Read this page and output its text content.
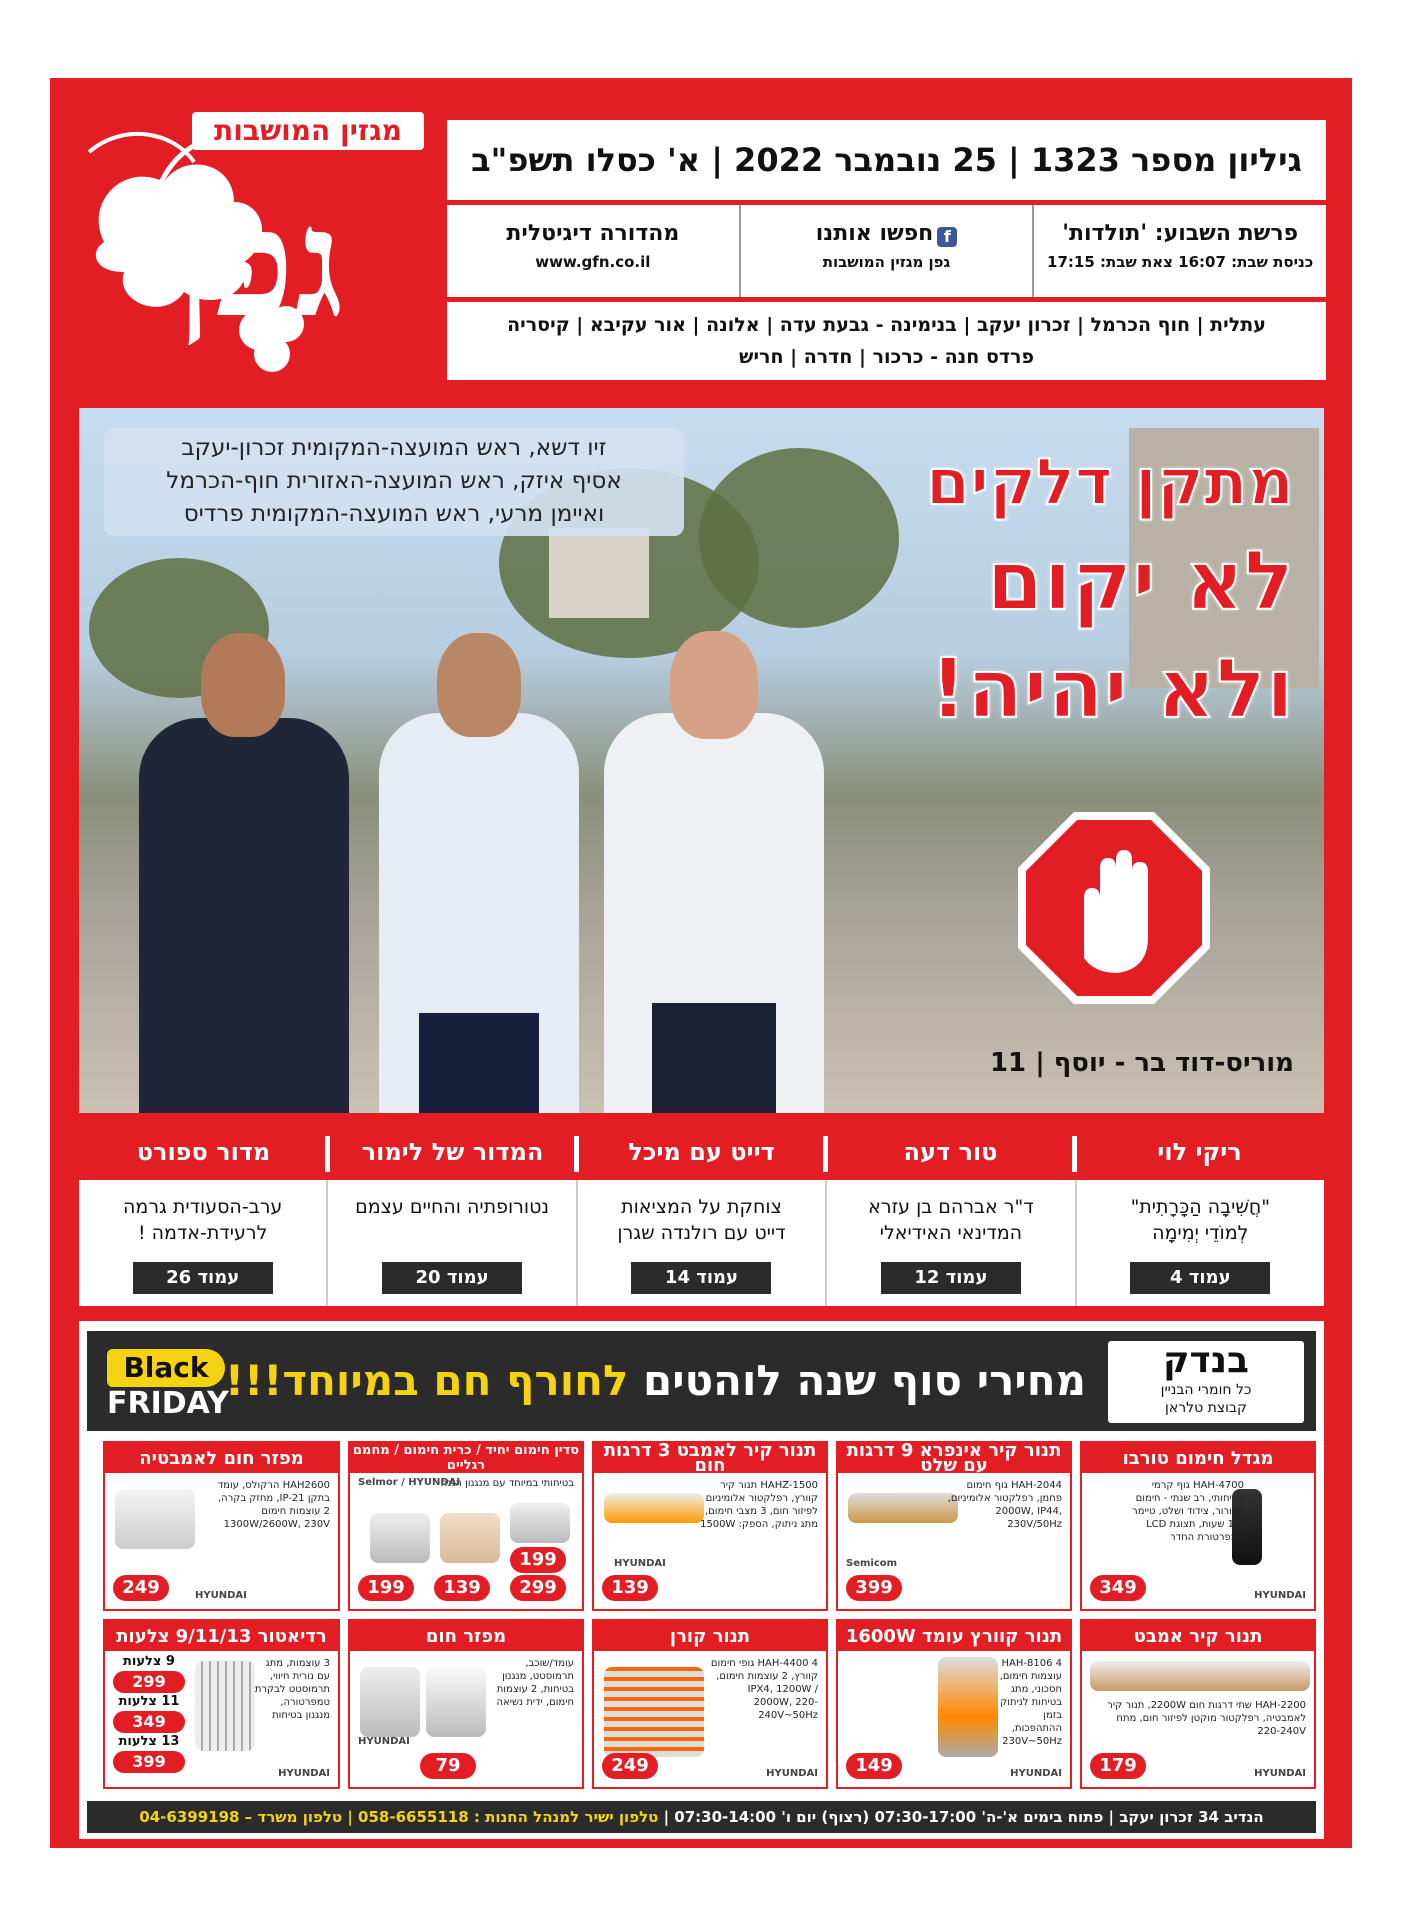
מגזין המושבות
גפן
גיליון מספר 1323 | 25 נובמבר 2022 | א' כסלו תשפ"ב
פרשת השבוע: 'תולדות'
כניסת שבת: 16:07 צאת שבת: 17:15
fחפשו אותנו
גפן מגזין המושבות
מהדורה דיגיטלית
www.gfn.co.il
עתלית | חוף הכרמל | זכרון יעקב | בנימינה - גבעת עדה | אלונה | אור עקיבא | קיסריה
פרדס חנה - כרכור | חדרה | חריש
זיו דשא, ראש המועצה-המקומית זכרון-יעקב
אסיף איזק, ראש המועצה-האזורית חוף-הכרמל
ואיימן מרעי, ראש המועצה-המקומית פרדיס	מתקן דלקים
לא יקום
ולא יהיה!
מוריס-דוד בר - יוסף | 11
ריקי לוי
טור דעה
דייט עם מיכל
המדור של לימור
מדור ספורט
"חֲשִׁיבָה הַכָּרָתִית"
לְמוֹדֵי יְמִימָה
עמוד 4
ד"ר אברהם בן עזרא
המדינאי האידיאלי
עמוד 12
צוחקת על המציאות
דייט עם רולנדה שגרן
עמוד 14
נטורופתיה והחיים עצמם
עמוד 20
ערב-הסעודית גרמה
לרעידת-אדמה !
עמוד 26
בנדק
כל חומרי הבניין
קבוצת טלראן
מחירי סוף שנה לוהטים לחורף חם במיוחד!!!
Black
FRIDAY
מגדל חימום טורבו
HAH-4700 גוף קרמי בטיחותי, רב שנתי - חימום ואוורור, צידוד ושלט, טיימר 1-8 שעות, תצוגת LCD טמפרטורת החדר
349	HYUNDAI
תנור קיר אינפרא 9 דרגות עם שלט
HAH-2044 גוף חימום פחמן, רפלקטור אלומיניום, 2000W, IP44, 230V/50Hz
399
Semicom
תנור קיר לאמבט 3 דרגות חום
HAHZ-1500 תנור קיר קוורץ, רפלקטור אלומיניום לפיזור חום, 3 מצבי חימום, מתג ניתוק, הספק: 1500W
139
HYUNDAI
סדין חימום יחיד / כרית חימום / מחמם רגליים
בטיחותי במיוחד עם מנגנון הגנה
Selmor / HYUNDAI
199	139	299
199
מפזר חום לאמבטיה
HAH2600 הרקולס, עומד בתקן IP-21, מחזק בקרה, 2 עוצמות חימום 1300W/2600W, 230V
249	HYUNDAI
תנור קיר אמבט
HAH-2200 שתי דרגות חום 2200W, תנור קיר לאמבטיה, רפלקטור מוקטן לפיזור חום, מתח 220-240V
179	HYUNDAI
תנור קוורץ עומד 1600W
HAH-8106 4 עוצמות חימום, חסכוני, מתג בטיחות לניתוק בזמן ההתהפכות, 230V~50Hz
149	HYUNDAI
תנור קורן
HAH-4400 4 גופי חימום קוורץ, 2 עוצמות חימום, IPX4, 1200W / 2000W, 220-240V~50Hz
249	HYUNDAI
מפזר חום
עומד/שוכב, תרמוסטט, מנגנון בטיחות, 2 עוצמות חימום, ידית נשיאה
79
HYUNDAI
רדיאטור 9/11/13 צלעות
3 עוצמות, מתג עם נורית חיווי, תרמוסטט לבקרת טמפרטורה, מנגנון בטיחות
9 צלעות
299
11 צלעות
349
13 צלעות
399
HYUNDAI
הנדיב 34 זכרון יעקב | פתוח בימים א'-ה' 07:30-17:00 (רצוף) יום ו' 07:30-14:00 | טלפון ישיר למנהל החנות : 058-6655118 | טלפון משרד – 04-6399198
